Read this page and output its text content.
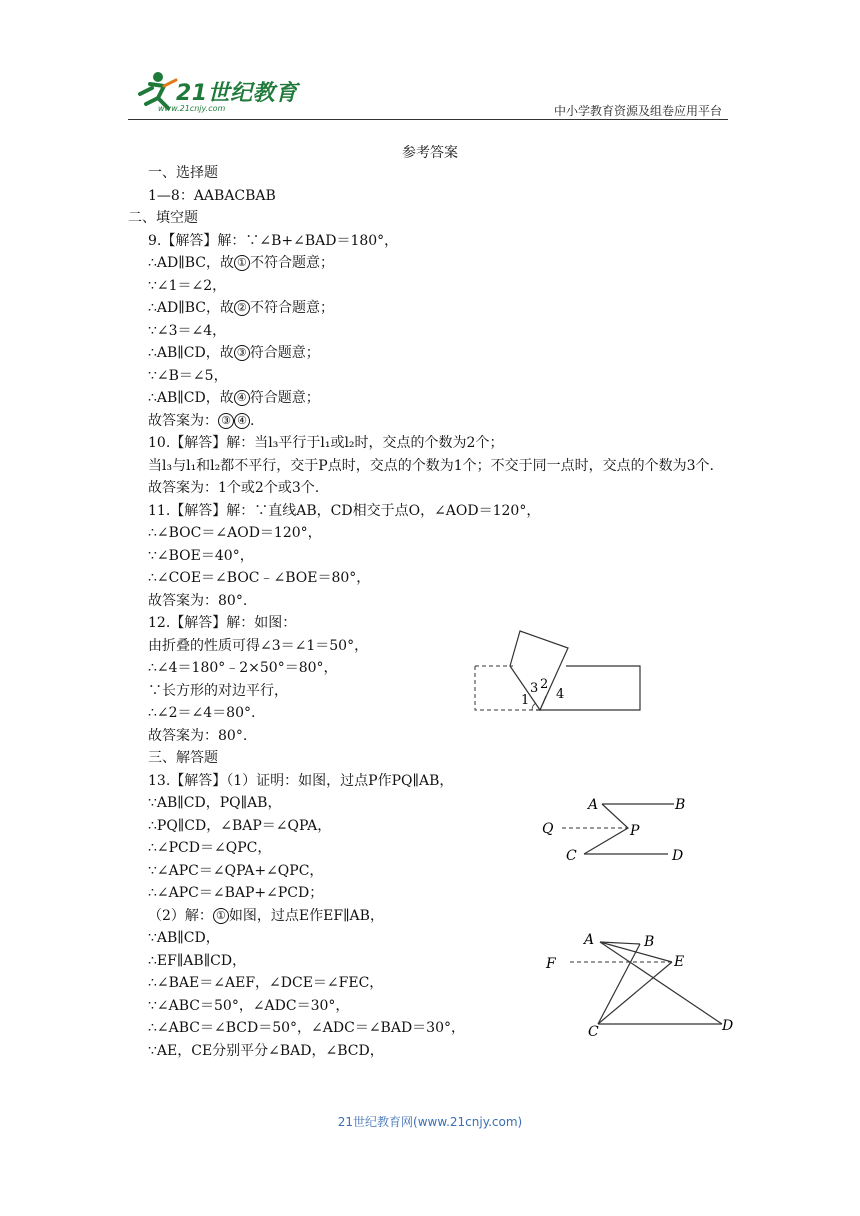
21世纪教育
www.21cnjy.com	中小学教育资源及组卷应用平台
参考答案
一、选择题
1—8：AABACBAB
二、填空题
9.【解答】解：∵∠B+∠BAD＝180°，
∴AD∥BC，故 ① 不符合题意；
∵∠1＝∠2，
∴AD∥BC，故 ② 不符合题意；
∵∠3＝∠4，
∴AB∥CD，故 ③ 符合题意；
∵∠B＝∠5，
∴AB∥CD，故 ④ 符合题意；
故答案为： ③ ④ .
10.【解答】解：当l₃平行于l₁或l₂时，交点的个数为2个；
当l₃与l₁和l₂都不平行，交于P点时，交点的个数为1个；不交于同一点时，交点的个数为3个.
故答案为：1个或2个或3个.
11.【解答】解：∵直线AB，CD相交于点O，∠AOD＝120°，
∴∠BOC＝∠AOD＝120°，
∵∠BOE＝40°，
∴∠COE＝∠BOC﹣∠BOE＝80°，
故答案为：80°.
12.【解答】解：如图：
由折叠的性质可得∠3＝∠1＝50°，
∴∠4＝180°﹣2×50°＝80°，
∵长方形的对边平行，
∴∠2＝∠4＝80°.
故答案为：80°.
三、解答题
13.【解答】（1）证明：如图，过点P作PQ∥AB，
∵AB∥CD，PQ∥AB，
∴PQ∥CD，∠BAP＝∠QPA，
∴∠PCD＝∠QPC，
∵∠APC＝∠QPA+∠QPC，
∴∠APC＝∠BAP+∠PCD；
（2）解： ① 如图，过点E作EF∥AB，
∵AB∥CD，
∴EF∥AB∥CD，
∴∠BAE＝∠AEF，∠DCE＝∠FEC，
∵∠ABC＝50°，∠ADC＝30°，
∴∠ABC＝∠BCD＝50°，∠ADC＝∠BAD＝30°，
∵AE，CE分别平分∠BAD，∠BCD，
1
2
3 4
A	B
Q	P
C	D
A	B
F	E
C	D
21世纪教育网(www.21cnjy.com)
